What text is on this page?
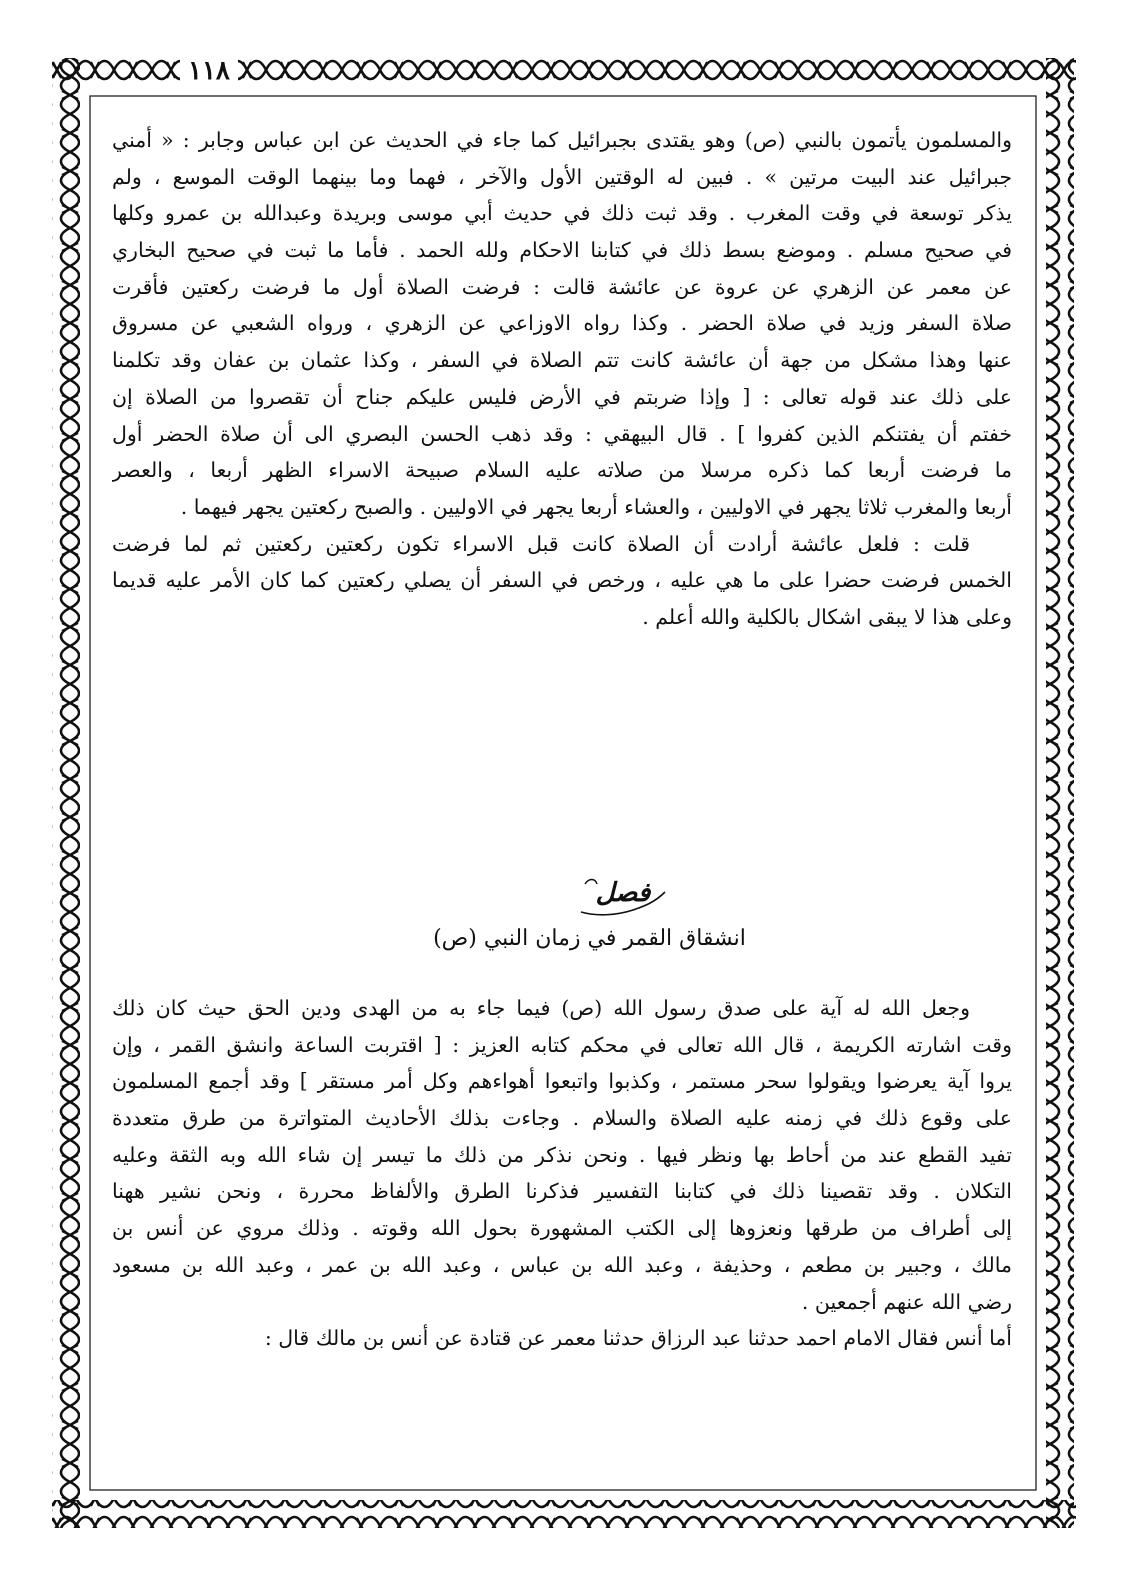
١١٨
والمسلمون يأتمون بالنبي (ص) وهو يقتدى بجبرائيل كما جاء في الحديث عن ابن عباس وجابر : « أمني
جبرائيل عند البيت مرتين » . فبين له الوقتين الأول والآخر ، فهما وما بينهما الوقت الموسع ، ولم
يذكر توسعة في وقت المغرب . وقد ثبت ذلك في حديث أبي موسى وبريدة وعبدالله بن عمرو وكلها
في صحيح مسلم . وموضع بسط ذلك في كتابنا الاحكام ولله الحمد . فأما ما ثبت في صحيح البخاري
عن معمر عن الزهري عن عروة عن عائشة قالت : فرضت الصلاة أول ما فرضت ركعتين فأقرت
صلاة السفر وزيد في صلاة الحضر . وكذا رواه الاوزاعي عن الزهري ، ورواه الشعبي عن مسروق
عنها وهذا مشكل من جهة أن عائشة كانت تتم الصلاة في السفر ، وكذا عثمان بن عفان وقد تكلمنا
على ذلك عند قوله تعالى : [ وإذا ضربتم في الأرض فليس عليكم جناح أن تقصروا من الصلاة إن
خفتم أن يفتنكم الذين كفروا ] . قال البيهقي : وقد ذهب الحسن البصري الى أن صلاة الحضر أول
ما فرضت أربعا كما ذكره مرسلا من صلاته عليه السلام صبيحة الاسراء الظهر أربعا ، والعصر
أربعا والمغرب ثلاثا يجهر في الاوليين ، والعشاء أربعا يجهر في الاوليين . والصبح ركعتين يجهر فيهما .
قلت : فلعل عائشة أرادت أن الصلاة كانت قبل الاسراء تكون ركعتين ركعتين ثم لما فرضت
الخمس فرضت حضرا على ما هي عليه ، ورخص في السفر أن يصلي ركعتين كما كان الأمر عليه قديما
وعلى هذا لا يبقى اشكال بالكلية والله أعلم .
فصل
انشقاق القمر في زمان النبي (ص)
وجعل الله له آية على صدق رسول الله (ص) فيما جاء به من الهدى ودين الحق حيث كان ذلك
وقت اشارته الكريمة ، قال الله تعالى في محكم كتابه العزيز : [ اقتربت الساعة وانشق القمر ، وإن
يروا آية يعرضوا ويقولوا سحر مستمر ، وكذبوا واتبعوا أهواءهم وكل أمر مستقر ] وقد أجمع المسلمون
على وقوع ذلك في زمنه عليه الصلاة والسلام . وجاءت بذلك الأحاديث المتواترة من طرق متعددة
تفيد القطع عند من أحاط بها ونظر فيها . ونحن نذكر من ذلك ما تيسر إن شاء الله وبه الثقة وعليه
التكلان . وقد تقصينا ذلك في كتابنا التفسير فذكرنا الطرق والألفاظ محررة ، ونحن نشير ههنا
إلى أطراف من طرقها ونعزوها إلى الكتب المشهورة بحول الله وقوته . وذلك مروي عن أنس بن
مالك ، وجبير بن مطعم ، وحذيفة ، وعبد الله بن عباس ، وعبد الله بن عمر ، وعبد الله بن مسعود
رضي الله عنهم أجمعين .
أما أنس فقال الامام احمد حدثنا عبد الرزاق حدثنا معمر عن قتادة عن أنس بن مالك قال :
